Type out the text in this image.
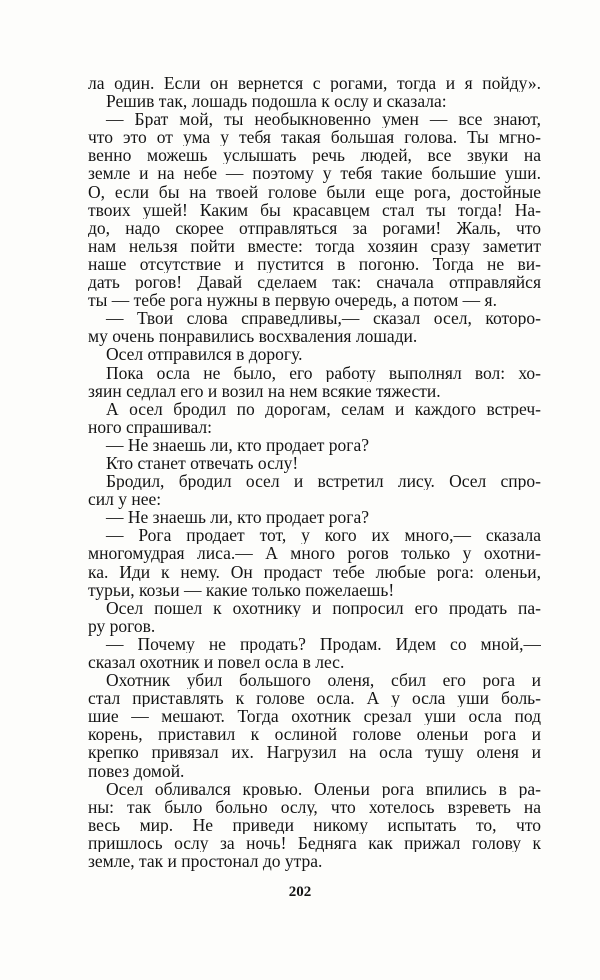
ла один. Если он вернется с рогами, тогда и я пойду».
Решив так, лошадь подошла к ослу и сказала:
— Брат мой, ты необыкновенно умен — все знают,
что это от ума у тебя такая большая голова. Ты мгно-
венно можешь услышать речь людей, все звуки на
земле и на небе — поэтому у тебя такие большие уши.
О, если бы на твоей голове были еще рога, достойные
твоих ушей! Каким бы красавцем стал ты тогда! На-
до, надо скорее отправляться за рогами! Жаль, что
нам нельзя пойти вместе: тогда хозяин сразу заметит
наше отсутствие и пустится в погоню. Тогда не ви-
дать рогов! Давай сделаем так: сначала отправляйся
ты — тебе рога нужны в первую очередь, а потом — я.
— Твои слова справедливы,— сказал осел, которо-
му очень понравились восхваления лошади.
Осел отправился в дорогу.
Пока осла не было, его работу выполнял вол: хо-
зяин седлал его и возил на нем всякие тяжести.
А осел бродил по дорогам, селам и каждого встреч-
ного спрашивал:
— Не знаешь ли, кто продает рога?
Кто станет отвечать ослу!
Бродил, бродил осел и встретил лису. Осел спро-
сил у нее:
— Не знаешь ли, кто продает рога?
— Рога продает тот, у кого их много,— сказала
многомудрая лиса.— А много рогов только у охотни-
ка. Иди к нему. Он продаст тебе любые рога: оленьи,
турьи, козьи — какие только пожелаешь!
Осел пошел к охотнику и попросил его продать па-
ру рогов.
— Почему не продать? Продам. Идем со мной,—
сказал охотник и повел осла в лес.
Охотник убил большого оленя, сбил его рога и
стал приставлять к голове осла. А у осла уши боль-
шие — мешают. Тогда охотник срезал уши осла под
корень, приставил к ослиной голове оленьи рога и
крепко привязал их. Нагрузил на осла тушу оленя и
повез домой.
Осел обливался кровью. Оленьи рога впились в ра-
ны: так было больно ослу, что хотелось взреветь на
весь мир. Не приведи никому испытать то, что
пришлось ослу за ночь! Бедняга как прижал голову к
земле, так и простонал до утра.
202
